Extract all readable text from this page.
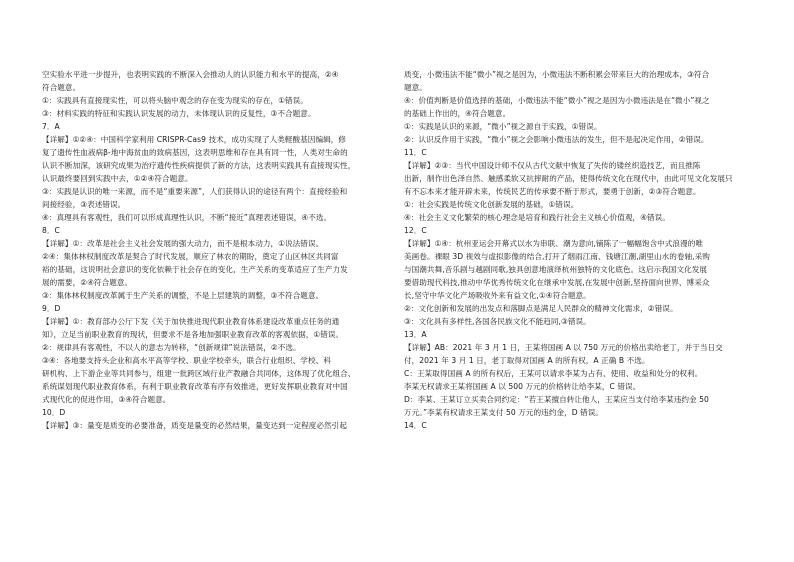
空实验水平进一步提升，也表明实践的不断深入会推动人的认识能力和水平的提高，②④
符合题意。
①：实践具有直接现实性，可以将头脑中观念的存在变为现实的存在，①错误。
③：材料实践的特征和实践认识发展的动力，未体现认识的反复性，③不合题意。
7．A
【详解】①②④：中国科学家利用 CRISPR-Cas9 技术，成功实现了人类軽酸基因编辑，修
复了遗传性血液病β-地中海贫血的致病基因，这表明思维和存在具有同一性，人类对生命的
认识不断加深，该研究成果为治疗遗传性疾病提供了新的方法，这表明实践具有直接现实性，
认识最终要回到实践中去，①②④符合题意。
③：实践是认识的唯一来源，而不是“重要来源”，人们获得认识的途径有两个：直接经验和
间接经验，③表述错误。
④：真理具有客观性，我们可以形成真理性认识，不断“接近”真理表述错误，④不选。
8．C
【详解】①：改革是社会主义社会发展的强大动力，而不是根本动力，①说法错误。
②④：集体林权制度改革是契合了时代发展，顺应了林农的期盼，奠定了山区林区共同富
裕的基础，这说明社会意识的变化依赖于社会存在的变化，生产关系的变革适应了生产力发
展的需要，②④符合题意。
③：集体林权制度改革属于生产关系的调整，不是上层建筑的调整，③不符合题意。
9．D
【详解】①：教育部办公厅下发《关于加快推进现代职业教育体系建设改革重点任务的通
知》，立足当前职业教育的现状，但要求不是各地加强职业教育改革的客观依据，①错误。
②：规律具有客观性，不以人的意志为转移，“创新规律”说法错误，②不选。
③④：各地要支持头企业和高水平高等学校、职业学校牵头，联合行业组织、学校、科
研机构、上下游企业等共同参与，组建一批跨区域行业产教融合共同体，这体现了优化组合、
系统谋划现代职业教育体系，有利于职业教育改革有序有效推进，更好发挥职业教育对中国
式现代化的促进作用，③④符合题意。
10．D
【详解】③：量变是质变的必要准备，质变是量变的必然结果，量变达到一定程度必然引起
质变，小微违法不能“微小”视之是因为，小微违法不断积累会带来巨大的治理成本，③符合
题意。
④：价值判断是价值选择的基础，小微违法不能“微小”视之是因为小微违法是在“微小”视之
的基础上作出的，④符合题意。
①：实践是认识的来源，“微小”视之源自于实践，①错误。
②：认识反作用于实践，“微小”视之会影响小微违法的发生，但不是起决定作用，②错误。
11．C
【详解】②③：当代中国设计师不仅从古代文献中恢复了失传的镂丝织造技艺，而且推陈
出新，制作出色泽自然、触感柔软又抗摔耐的产品，使得传统文化在现代中，由此可见文化发展只
有不忘本来才能开辟未来，传统民艺的传承要不断于形式，要勇于创新，②③符合题意。
①：社会实践是传统文化创新发展的基础，①错误。
④：社会主义文化繁荣的核心理念是培育和践行社会主义核心价值观，④错误。
12．C
【详解】①④：杭州亚运会开幕式以水为串联、潮为意向,铺陈了一幅幅饱含中式浪漫的唯
美画卷。裸眼 3D 视效与虚拟影像的结合,打开了烟雨江南、钱塘江潮,湖里山水的卷轴,采购
与国潮共舞,音乐剧与越剧同歌,独具创意地演绎杭州独特的文化底色。这启示我国文化发展
要借助现代科技,推动中华优秀传统文化在继承中发展,在发展中创新,坚持面向世界、博采众
长,坚守中华文化产场吸收外来有益文化,①④符合题意。
②：文化创新和发展的出发点和落脚点是满足人民群众的精神文化需求，②错误。
③：文化具有多样性,各国各民族文化不能趋同,③错误。
13．A
【详解】AB：2021 年 3 月 1 日，王某将国画 A 以 750 万元的价格出卖给老丁，并于当日交
付，2021 年 3 月 1 日，老丁取得对国画 A 的所有权，A 正确 B 不选。
C：王某取得国画 A 的所有权后，王某可以请求李某为占有、使用、收益和处分的权利。
李某无权请求王某将国画 A 以 500 万元的价格转让给李某，C 错误。
D：李某、王某订立买卖合同约定：“若王某擅自转让他人，王某应当支付给李某违约金 50
万元。”李某有权请求王某支付 50 万元的违约金，D 错误。
14．C
